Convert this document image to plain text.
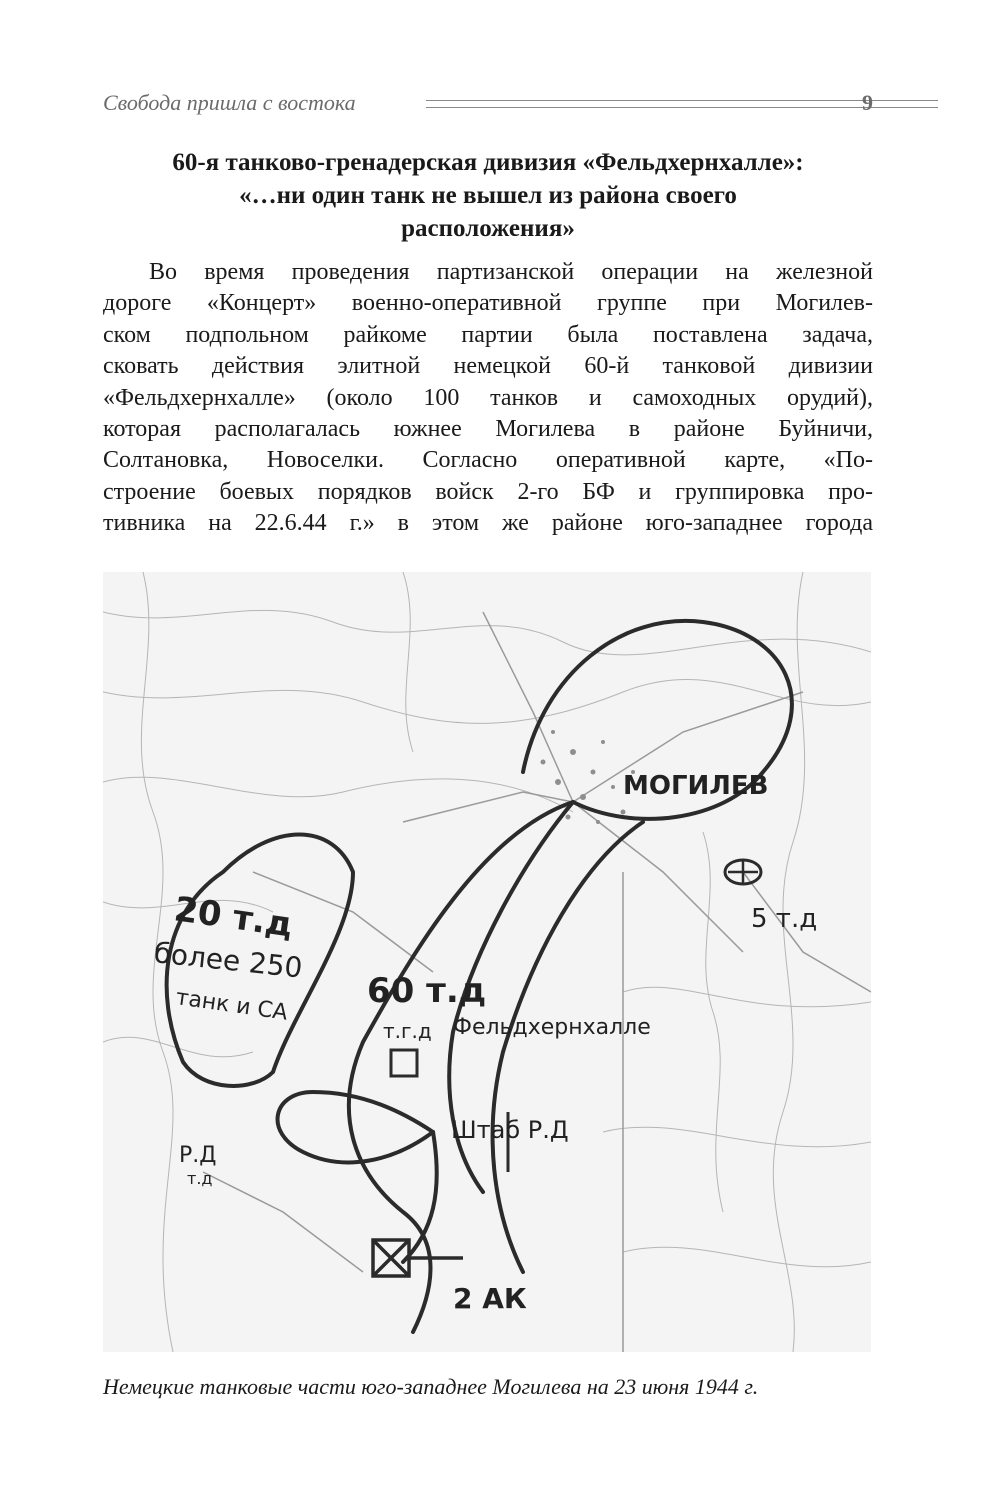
Свобода пришла с востока	9
60-я танково-гренадерская дивизия «Фельдхернхалле»:
«…ни один танк не вышел из района своего
расположения»
Во время проведения партизанской операции на железной
дороге «Концерт» военно-оперативной группе при Могилев-
ском подпольном райкоме партии была поставлена задача,
сковать действия элитной немецкой 60-й танковой дивизии
«Фельдхернхалле» (около 100 танков и самоходных орудий),
которая располагалась южнее Могилева в районе Буйничи,
Солтановка, Новоселки. Согласно оперативной карте, «По-
строение боевых порядков войск 2-го БФ и группировка про-
тивника на 22.6.44 г.» в этом же районе юго-западнее города
МОГИЛЕВ
20 т.д
более 250
танк и СА 60 т.д
т.г.д Фельдхернхалле
5 т.д
Штаб Р.Д
Р.Д
т.д
2 АК
Немецкие танковые части юго-западнее Могилева на 23 июня 1944 г.
